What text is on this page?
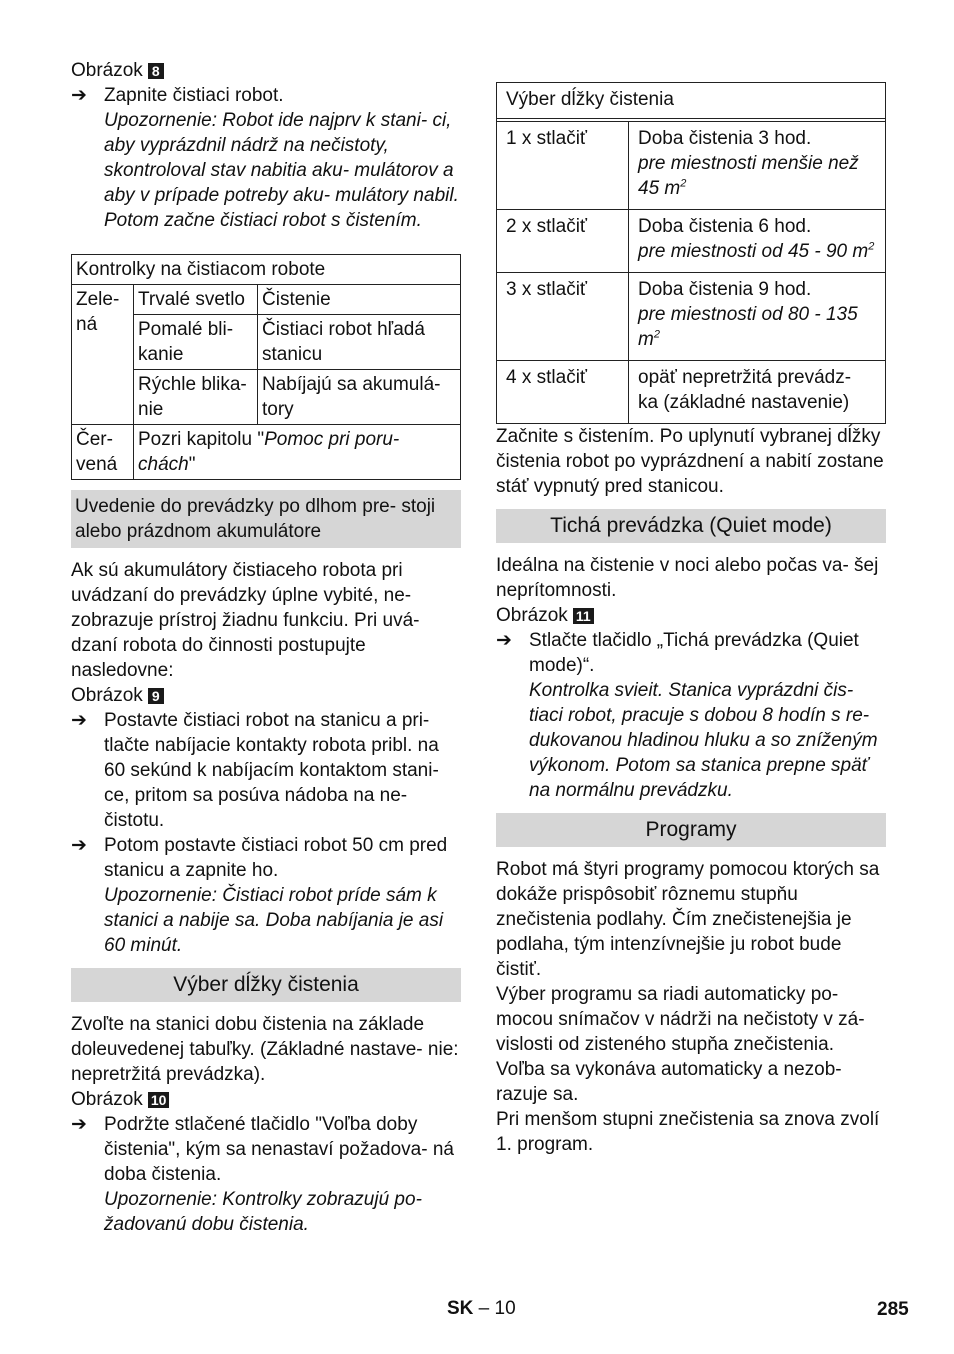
Obrázok 8

➔ Zapnite čistiaci robot.

Upozornenie: Robot ide najprv k stani- ci, aby vyprázdnil nádrž na nečistoty, skontroloval stav nabitia aku- mulátorov a aby v prípade potreby aku- mulátory nabil. Potom začne čistiaci robot s čistením.

Kontrolky na čistiacom robote		
Zele- ná	Trvalé svetlo	Čistenie
	Pomalé bli- kanie	Čistiaci robot hľadá stanicu
	Rýchle blika- nie	Nabíjajú sa akumulá- tory
Čer- vená	Pozri kapitolu "Pomoc pri poru- chách"	
Uvedenie do prevádzky po dlhom pre- stoji alebo prázdnom akumulátore

Ak sú akumulátory čistiaceho robota pri uvádzaní do prevádzky úplne vybité, ne- zobrazuje prístroj žiadnu funkciu. Pri uvá- dzaní robota do činnosti postupujte nasledovne:

Obrázok 9

➔ Postavte čistiaci robot na stanicu a pri- tlačte nabíjacie kontakty robota pribl. na 60 sekúnd k nabíjacím kontaktom stani- ce, pritom sa posúva nádoba na ne- čistotu.

➔ Potom postavte čistiaci robot 50 cm pred stanicu a zapnite ho.

Upozornenie: Čistiaci robot príde sám k stanici a nabije sa. Doba nabíjania je asi 60 minút.

Výber dĺžky čistenia

Zvoľte na stanici dobu čistenia na základe doleuvedenej tabuľky. (Základné nastave- nie: nepretržitá prevádzka).

Obrázok 10

➔ Podržte stlačené tlačidlo "Voľba doby čistenia", kým sa nenastaví požadova- ná doba čistenia.

Upozornenie: Kontrolky zobrazujú po- žadovanú dobu čistenia.

Výber dĺžky čistenia	

1 x stlačiť	Doba čistenia 3 hod.
pre miestnosti menšie než 45 $m^2$

2 x stlačiť	Doba čistenia 6 hod.
pre miestnosti od 45 - 90 $m^2$

3 x stlačiť	Doba čistenia 9 hod.
pre miestnosti od 80 - 135 $m^2$

4 x stlačiť	opäť nepretržitá prevádz- ka (základné nastavenie)

Začnite s čistením. Po uplynutí vybranej dĺžky čistenia robot po vyprázdnení a nabití zostane stáť vypnutý pred stanicou.

Tichá prevádzka (Quiet mode)

Ideálna na čistenie v noci alebo počas va- šej neprítomnosti.

Obrázok 11

➔ Stlačte tlačidlo „Tichá prevádzka (Quiet mode)“.

Kontrolka svieit. Stanica vyprázdni čis- tiaci robot, pracuje s dobou 8 hodín s re- dukovanou hladinou hluku a so zníženým výkonom. Potom sa stanica prepne späť na normálnu prevádzku.

Programy

Robot má štyri programy pomocou ktorých sa dokáže prispôsobiť rôznemu stupňu znečistenia podlahy. Čím znečistenejšia je podlaha, tým intenzívnejšie ju robot bude čistiť.

Výber programu sa riadi automaticky po- mocou snímačov v nádrži na nečistoty v zá- vislosti od zisteného stupňa znečistenia.

Voľba sa vykonáva automaticky a nezob- razuje sa.

Pri menšom stupni znečistenia sa znova zvolí 1. program.

SK – 10	285
